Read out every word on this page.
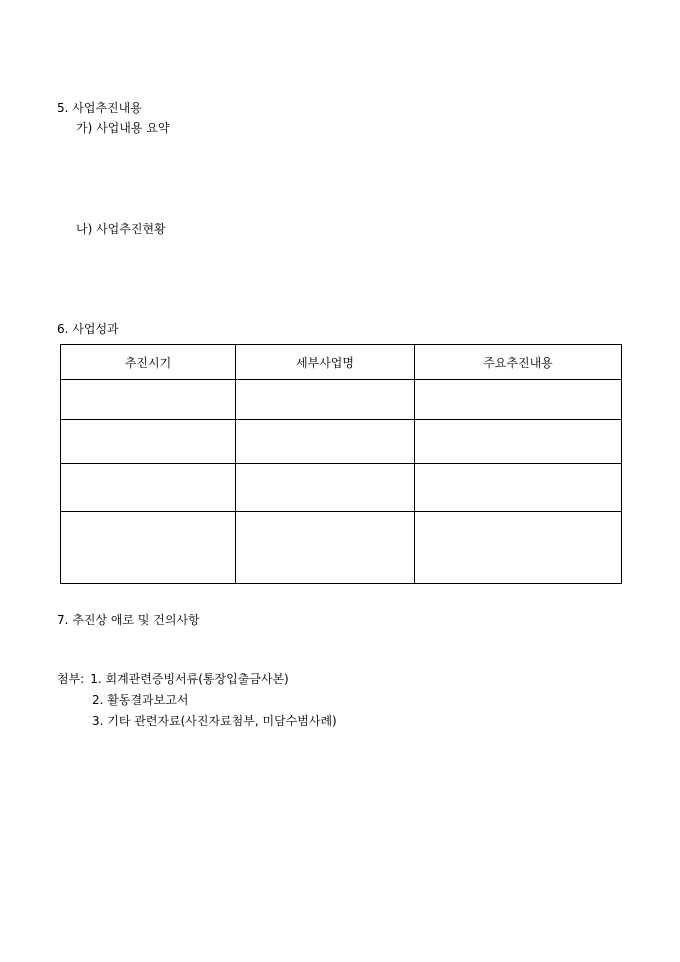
5. 사업추진내용
가) 사업내용 요약
나) 사업추진현황
6. 사업성과
추진시기	세부사업명	주요추진내용

7. 추진상 애로 및 건의사항
첨부: 1. 회계관련증빙서류(통장입출금사본)
2. 활동결과보고서
3. 기타 관련자료(사진자료첨부, 미담수범사례)
